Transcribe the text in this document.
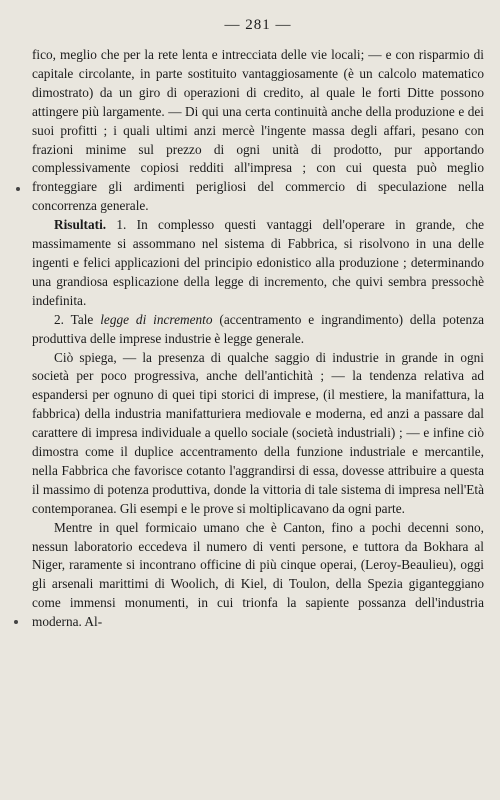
— 281 —

fico, meglio che per la rete lenta e intrecciata delle vie locali; — e con risparmio di capitale circolante, in parte sostituito vantaggiosamente (è un calcolo matematico dimostrato) da un giro di operazioni di credito, al quale le forti Ditte possono attingere più largamente. — Di qui una certa continuità anche della produzione e dei suoi profitti ; i quali ultimi anzi mercè l'ingente massa degli affari, pesano con frazioni minime sul prezzo di ogni unità di prodotto, pur apportando complessivamente copiosi redditi all'impresa ; con cui questa può meglio fronteggiare gli ardimenti perigliosi del commercio di speculazione nella concorrenza generale.

Risultati. 1. In complesso questi vantaggi dell'operare in grande, che massimamente si assommano nel sistema di Fabbrica, si risolvono in una delle ingenti e felici applicazioni del principio edonistico alla produzione ; determinando una grandiosa esplicazione della legge di incremento, che quivi sembra pressochè indefinita.

2. Tale legge di incremento (accentramento e ingrandimento) della potenza produttiva delle imprese industrie è legge generale.

Ciò spiega, — la presenza di qualche saggio di industrie in grande in ogni società per poco progressiva, anche dell'antichità ; — la tendenza relativa ad espandersi per ognuno di quei tipi storici di imprese, (il mestiere, la manifattura, la fabbrica) della industria manifatturiera mediovale e moderna, ed anzi a passare dal carattere di impresa individuale a quello sociale (società industriali) ; — e infine ciò dimostra come il duplice accentramento della funzione industriale e mercantile, nella Fabbrica che favorisce cotanto l'aggrandirsi di essa, dovesse attribuire a questa il massimo di potenza produttiva, donde la vittoria di tale sistema di impresa nell'Età contemporanea. Gli esempi e le prove si moltiplicavano da ogni parte.

Mentre in quel formicaio umano che è Canton, fino a pochi decenni sono, nessun laboratorio eccedeva il numero di venti persone, e tuttora da Bokhara al Niger, raramente si incontrano officine di più cinque operai, (Leroy-Beaulieu), oggi gli arsenali marittimi di Woolich, di Kiel, di Toulon, della Spezia giganteggiano come immensi monumenti, in cui trionfa la sapiente possanza dell'industria moderna. Al-
